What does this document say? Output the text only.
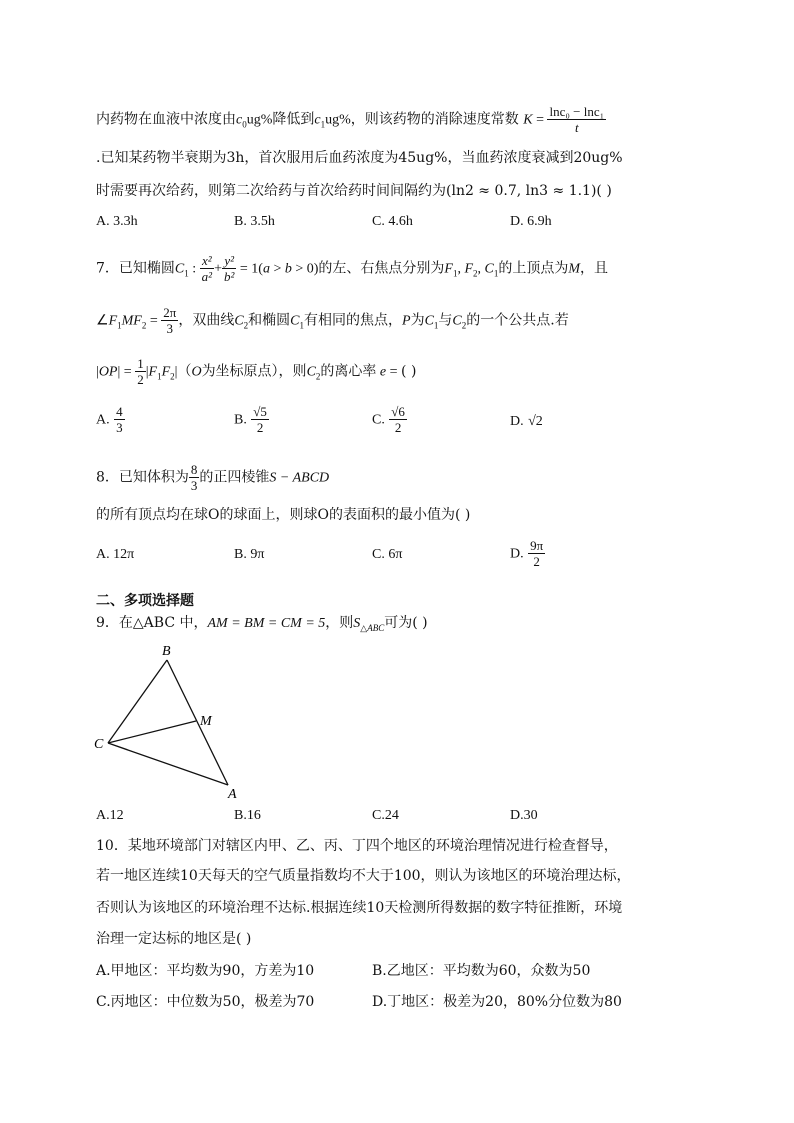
内药物在血液中浓度由$c_0ug\%$降低到$c_1ug\%$，则该药物的消除速度常数 $K = \frac{\text{lnc₀ − lnc₁}}{t}$
.已知某药物半衰期为3h，首次服用后血药浓度为45ug%，当血药浓度衰减到20ug%
时需要再次给药，则第二次给药与首次给药时间间隔约为(ln2 ≈ 0.7, ln3 ≈ 1.1)( )
A. 3.3h	B. 3.5h	C. 4.6h	D. 6.9h
7．已知椭圆$C_1$ : $\frac{\text{x²}}{\text{a²}} + \frac{\text{y²}}{\text{b²}} = 1(a > b > 0)$的左、右焦点分别为$F_1$, $F_2$, $C_1$的上顶点为M，且
$\angle F_1MF_2 = \frac{2\pi}{3}$ ，双曲线$C_2$和椭圆$C_1$有相同的焦点，P为$C_1$与$C_2$的一个公共点.若
$|OP| = \frac{1}{2} |F_1F_2|(O$为坐标原点），则$C_2$的离心率 e = ( )
A. $\frac{4}{3}$	B. $\frac{√5}{2}$	C. $\frac{√6}{2}$	D. √2
8．已知体积为 $\frac{8}{3}$ 的正四棱锥S − ABCD
的所有顶点均在球O的球面上，则球O的表面积的最小值为( )
A. 12π	B. 9π	C. 6π	D. $\frac{9\pi}{2}$
二、多项选择题
9．在△ABC 中，AM = BM = CM = 5，则$S_{\triangle ABC}$可为( )
B
C
M
A
A.12	B.16	C.24	D.30
10．某地环境部门对辖区内甲、乙、丙、丁四个地区的环境治理情况进行检查督导，
若一地区连续10天每天的空气质量指数均不大于100，则认为该地区的环境治理达标，
否则认为该地区的环境治理不达标.根据连续10天检测所得数据的数字特征推断，环境
治理一定达标的地区是( )
A.甲地区：平均数为90，方差为10	B.乙地区：平均数为60，众数为50
C.丙地区：中位数为50，极差为70	D.丁地区：极差为20，80%分位数为80
